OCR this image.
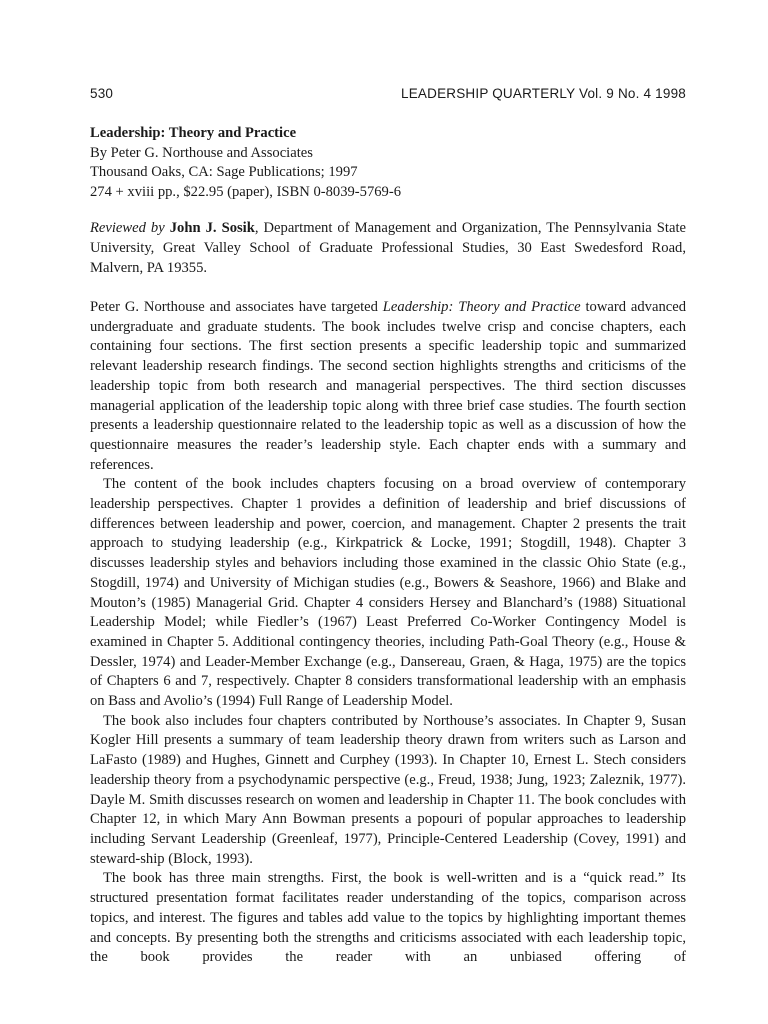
530	LEADERSHIP QUARTERLY Vol. 9 No. 4 1998
Leadership: Theory and Practice
By Peter G. Northouse and Associates
Thousand Oaks, CA: Sage Publications; 1997
274 + xviii pp., $22.95 (paper), ISBN 0-8039-5769-6
Reviewed by John J. Sosik, Department of Management and Organization, The Pennsylvania State University, Great Valley School of Graduate Professional Studies, 30 East Swedesford Road, Malvern, PA 19355.

Peter G. Northouse and associates have targeted Leadership: Theory and Practice toward advanced undergraduate and graduate students. The book includes twelve crisp and concise chapters, each containing four sections. The first section presents a specific leadership topic and summarized relevant leadership research findings. The second section highlights strengths and criticisms of the leadership topic from both research and managerial perspectives. The third section discusses managerial application of the leadership topic along with three brief case studies. The fourth section presents a leadership questionnaire related to the leadership topic as well as a discussion of how the questionnaire measures the reader’s leadership style. Each chapter ends with a summary and references.

The content of the book includes chapters focusing on a broad overview of contemporary leadership perspectives. Chapter 1 provides a definition of leadership and brief discussions of differences between leadership and power, coercion, and management. Chapter 2 presents the trait approach to studying leadership (e.g., Kirkpatrick & Locke, 1991; Stogdill, 1948). Chapter 3 discusses leadership styles and behaviors including those examined in the classic Ohio State (e.g., Stogdill, 1974) and University of Michigan studies (e.g., Bowers & Seashore, 1966) and Blake and Mouton’s (1985) Managerial Grid. Chapter 4 considers Hersey and Blanchard’s (1988) Situational Leadership Model; while Fiedler’s (1967) Least Preferred Co-Worker Contingency Model is examined in Chapter 5. Additional contingency theories, including Path-Goal Theory (e.g., House & Dessler, 1974) and Leader-Member Exchange (e.g., Dansereau, Graen, & Haga, 1975) are the topics of Chapters 6 and 7, respectively. Chapter 8 considers transformational leadership with an emphasis on Bass and Avolio’s (1994) Full Range of Leadership Model.

The book also includes four chapters contributed by Northouse’s associates. In Chapter 9, Susan Kogler Hill presents a summary of team leadership theory drawn from writers such as Larson and LaFasto (1989) and Hughes, Ginnett and Curphey (1993). In Chapter 10, Ernest L. Stech considers leadership theory from a psychodynamic perspective (e.g., Freud, 1938; Jung, 1923; Zaleznik, 1977). Dayle M. Smith discusses research on women and leadership in Chapter 11. The book concludes with Chapter 12, in which Mary Ann Bowman presents a popouri of popular approaches to leadership including Servant Leadership (Greenleaf, 1977), Principle-Centered Leadership (Covey, 1991) and steward-ship (Block, 1993).

The book has three main strengths. First, the book is well-written and is a “quick read.” Its structured presentation format facilitates reader understanding of the topics, comparison across topics, and interest. The figures and tables add value to the topics by highlighting important themes and concepts. By presenting both the strengths and criticisms associated with each leadership topic, the book provides the reader with an unbiased offering of
